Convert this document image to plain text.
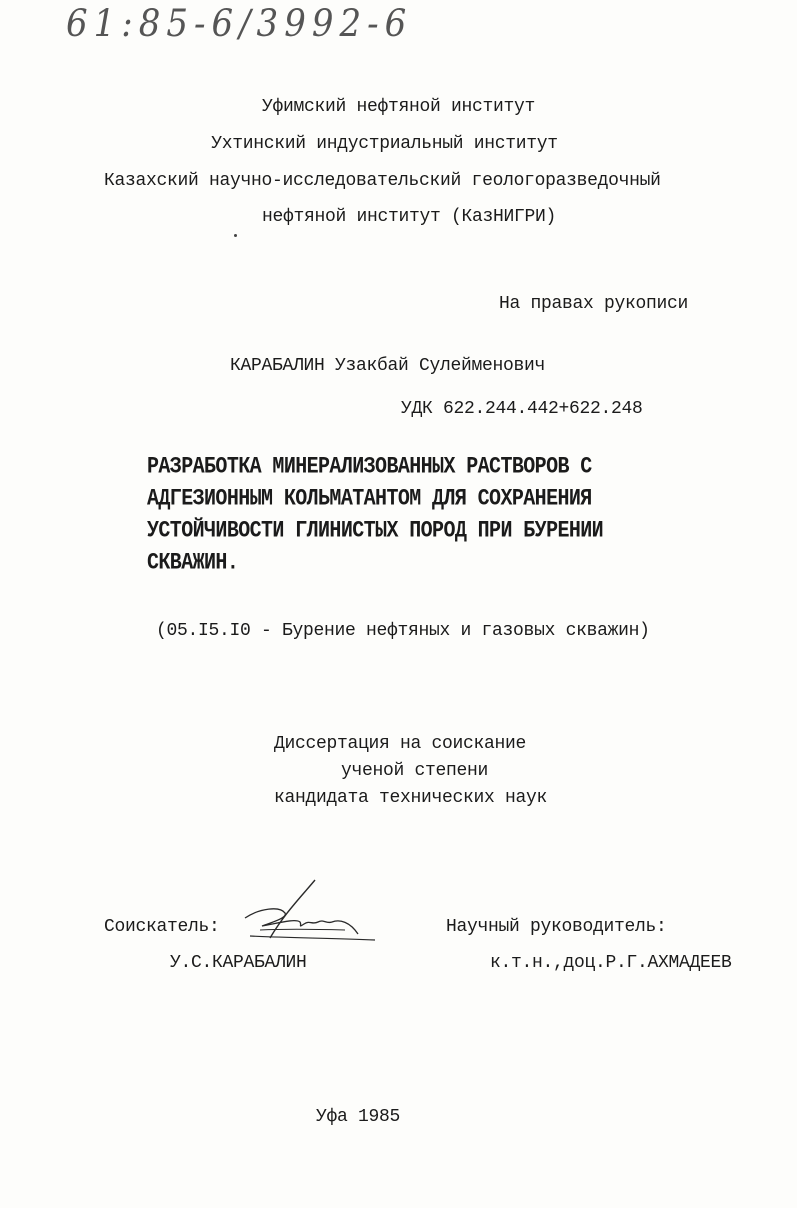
61:85-6/3992-6
Уфимский нефтяной институт
Ухтинский индустриальный институт
Казахский научно-исследовательский геологоразведочный
нефтяной институт (КазНИГРИ)
На правах рукописи
КАРАБАЛИН Узакбай Сулейменович
УДК 622.244.442+622.248
РАЗРАБОТКА МИНЕРАЛИЗОВАННЫХ РАСТВОРОВ С
АДГЕЗИОННЫМ КОЛЬМАТАНТОМ ДЛЯ СОХРАНЕНИЯ
УСТОЙЧИВОСТИ ГЛИНИСТЫХ ПОРОД ПРИ БУРЕНИИ
СКВАЖИН.
(05.I5.I0 - Бурение нефтяных и газовых скважин)
Диссертация на соискание
ученой степени
кандидата технических наук
Соискатель:
У.С.КАРАБАЛИН
Научный руководитель:
к.т.н.,доц.Р.Г.АХМАДЕЕВ
Уфа 1985
